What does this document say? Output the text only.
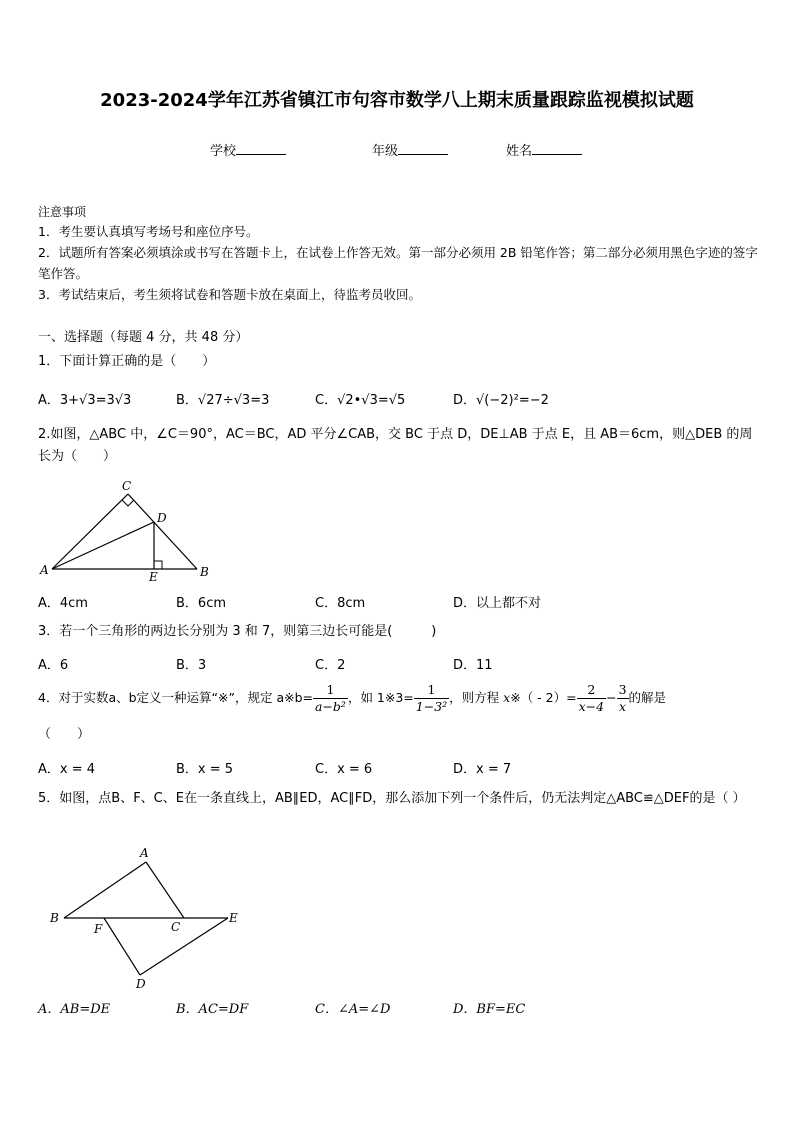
2023-2024学年江苏省镇江市句容市数学八上期末质量跟踪监视模拟试题
学校	年级	姓名
注意事项
1．考生要认真填写考场号和座位序号。
2．试题所有答案必须填涂或书写在答题卡上，在试卷上作答无效。第一部分必须用 2B 铅笔作答；第二部分必须用黑色字迹的签字笔作答。
3．考试结束后，考生须将试卷和答题卡放在桌面上，待监考员收回。
一、选择题（每题 4 分，共 48 分）
1．下面计算正确的是（　　）
A．3+√3=3√3	B．√27÷√3=3	C．√2•√3=√5	D．√(−2)²=−2
2.如图，△ABC 中，∠C＝90°，AC＝BC，AD 平分∠CAB，交 BC 于点 D，DE⊥AB 于点 E，且 AB＝6cm，则△DEB 的周长为（　　）
A	B
C
D
E
A．4cm	B．6cm	C．8cm	D．以上都不对
3．若一个三角形的两边长分别为 3 和 7，则第三边长可能是(　　　)
A．6	B．3	C．2	D．11
4．对于实数a、b定义一种运算“※”，规定 a※b= $\frac{1}{\text{a−b²}}$ ，如 1※3= $\frac{1}{\text{1−3²}}$ ，则方程 x※（ - $2)= \frac{2}{x-4} - \frac{3}{x}$ 的解是
（　　）
A．x = 4	B．x = 5	C．x = 6	D．x = 7
5．如图，点B、F、C、E在一条直线上，AB∥ED，AC∥FD，那么添加下列一个条件后，仍无法判定△ABC≌△DEF的是（ ）
A
B
C
D
E
F
A．AB=DE	B．AC=DF	C．∠A=∠D	D．BF=EC
